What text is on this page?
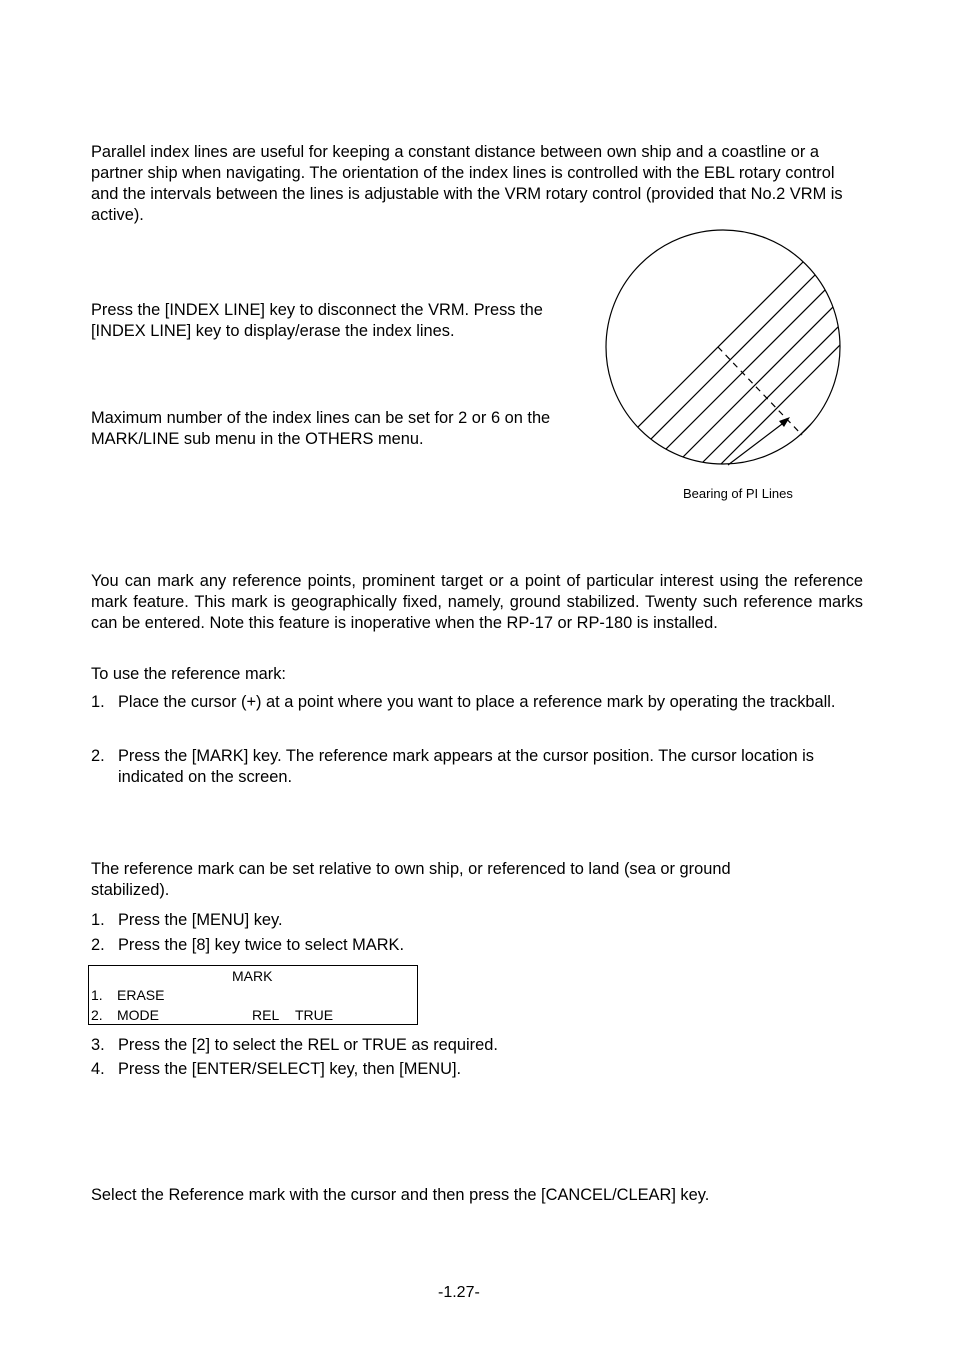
Parallel index lines are useful for keeping a constant distance between own ship and a coastline or a partner ship when navigating. The orientation of the index lines is controlled with the EBL rotary control and the intervals between the lines is adjustable with the VRM rotary control (provided that No.2 VRM is active).
Press the [INDEX LINE] key to disconnect the VRM. Press the [INDEX LINE] key to display/erase the index lines.
Maximum number of the index lines can be set for 2 or 6 on the MARK/LINE sub menu in the OTHERS menu.
Bearing of PI Lines
You can mark any reference points, prominent target or a point of particular interest using the reference mark feature. This mark is geographically fixed, namely, ground stabilized. Twenty such reference marks can be entered. Note this feature is inoperative when the RP-17 or RP-180 is installed.
To use the reference mark:
1. Place the cursor (+) at a point where you want to place a reference mark by operating the trackball.
2. Press the [MARK] key. The reference mark appears at the cursor position. The cursor location is indicated on the screen.
The reference mark can be set relative to own ship, or referenced to land (sea or ground stabilized).
1. Press the [MENU] key.
2. Press the [8] key twice to select MARK.
MARK
1. ERASE
2. MODE	REL TRUE
3. Press the [2] to select the REL or TRUE as required.
4. Press the [ENTER/SELECT] key, then [MENU].
Select the Reference mark with the cursor and then press the [CANCEL/CLEAR] key.
-1.27-
